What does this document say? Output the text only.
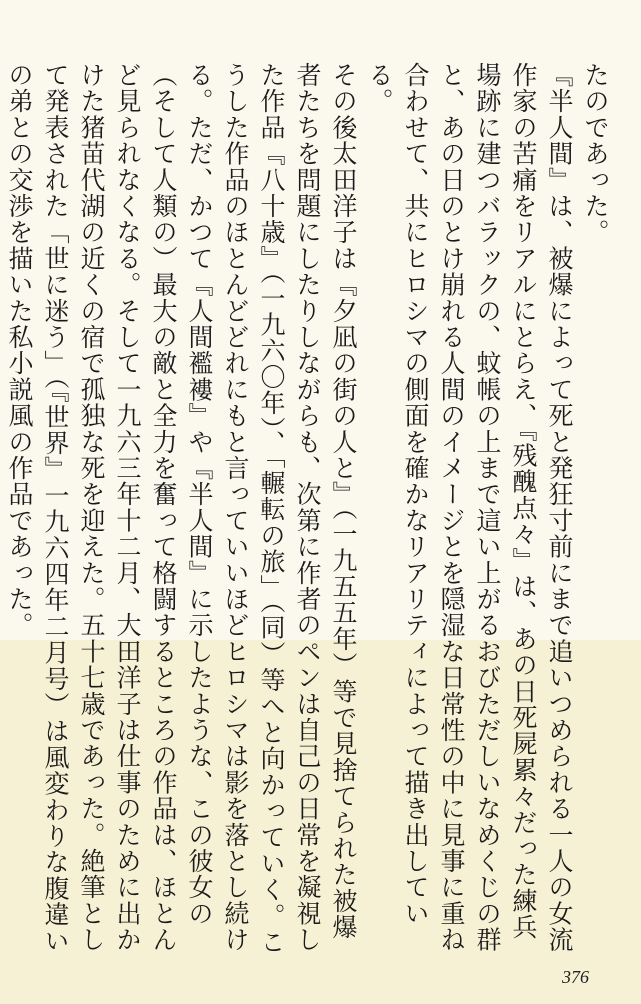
たのであった。

『半人間』は、被爆によって死と発狂寸前にまで追いつめられる一人の女流作家の苦痛をリアルにとらえ、『残醜点々』は、あの日死屍累々だった練兵場跡に建つバラックの、蚊帳の上まで這い上がるおびただしいなめくじの群と、あの日のとけ崩れる人間のイメージとを隠湿な日常性の中に見事に重ね合わせて、共にヒロシマの側面を確かなリアリティによって描き出している。

その後太田洋子は『夕凪の街の人と』（一九五五年）等で見捨てられた被爆者たちを問題にしたりしながらも、次第に作者のペンは自己の日常を凝視した作品『八十歳』（一九六〇年）、「輾転の旅」（同）等へと向かっていく。こうした作品のほとんどどれにもと言っていいほどヒロシマは影を落とし続ける。ただ、かつて『人間襤褸』や『半人間』に示したような、この彼女の（そして人類の）最大の敵と全力を奮って格闘するところの作品は、ほとんど見られなくなる。そして一九六三年十二月、大田洋子は仕事のために出かけた猪苗代湖の近くの宿で孤独な死を迎えた。五十七歳であった。絶筆として発表された「世に迷う」（『世界』一九六四年二月号）は風変わりな腹違いの弟との交渉を描いた私小説風の作品であった。

376
